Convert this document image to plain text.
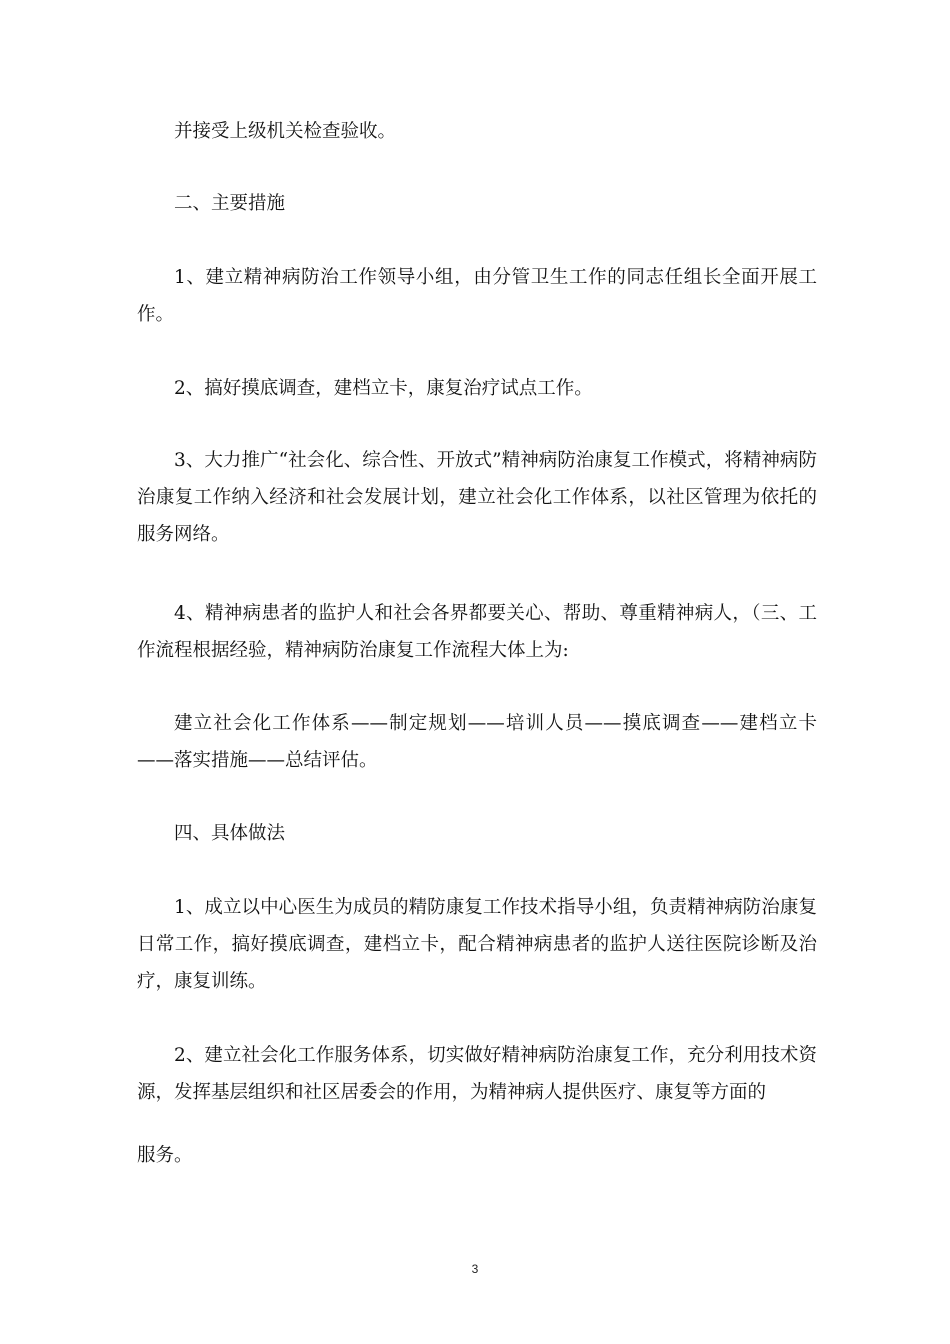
并接受上级机关检查验收。

二、主要措施

1、建立精神病防治工作领导小组，由分管卫生工作的同志任组长全面开展工作。

2、搞好摸底调查，建档立卡，康复治疗试点工作。

3、大力推广“社会化、综合性、开放式”精神病防治康复工作模式，将精神病防治康复工作纳入经济和社会发展计划，建立社会化工作体系，以社区管理为依托的服务网络。

4、精神病患者的监护人和社会各界都要关心、帮助、尊重精神病人，（三、工作流程根据经验，精神病防治康复工作流程大体上为:

建立社会化工作体系——制定规划——培训人员——摸底调查——建档立卡——落实措施——总结评估。

四、具体做法

1、成立以中心医生为成员的精防康复工作技术指导小组，负责精神病防治康复日常工作，搞好摸底调查，建档立卡，配合精神病患者的监护人送往医院诊断及治疗，康复训练。

2、建立社会化工作服务体系，切实做好精神病防治康复工作，充分利用技术资源，发挥基层组织和社区居委会的作用，为精神病人提供医疗、康复等方面的

服务。

3
